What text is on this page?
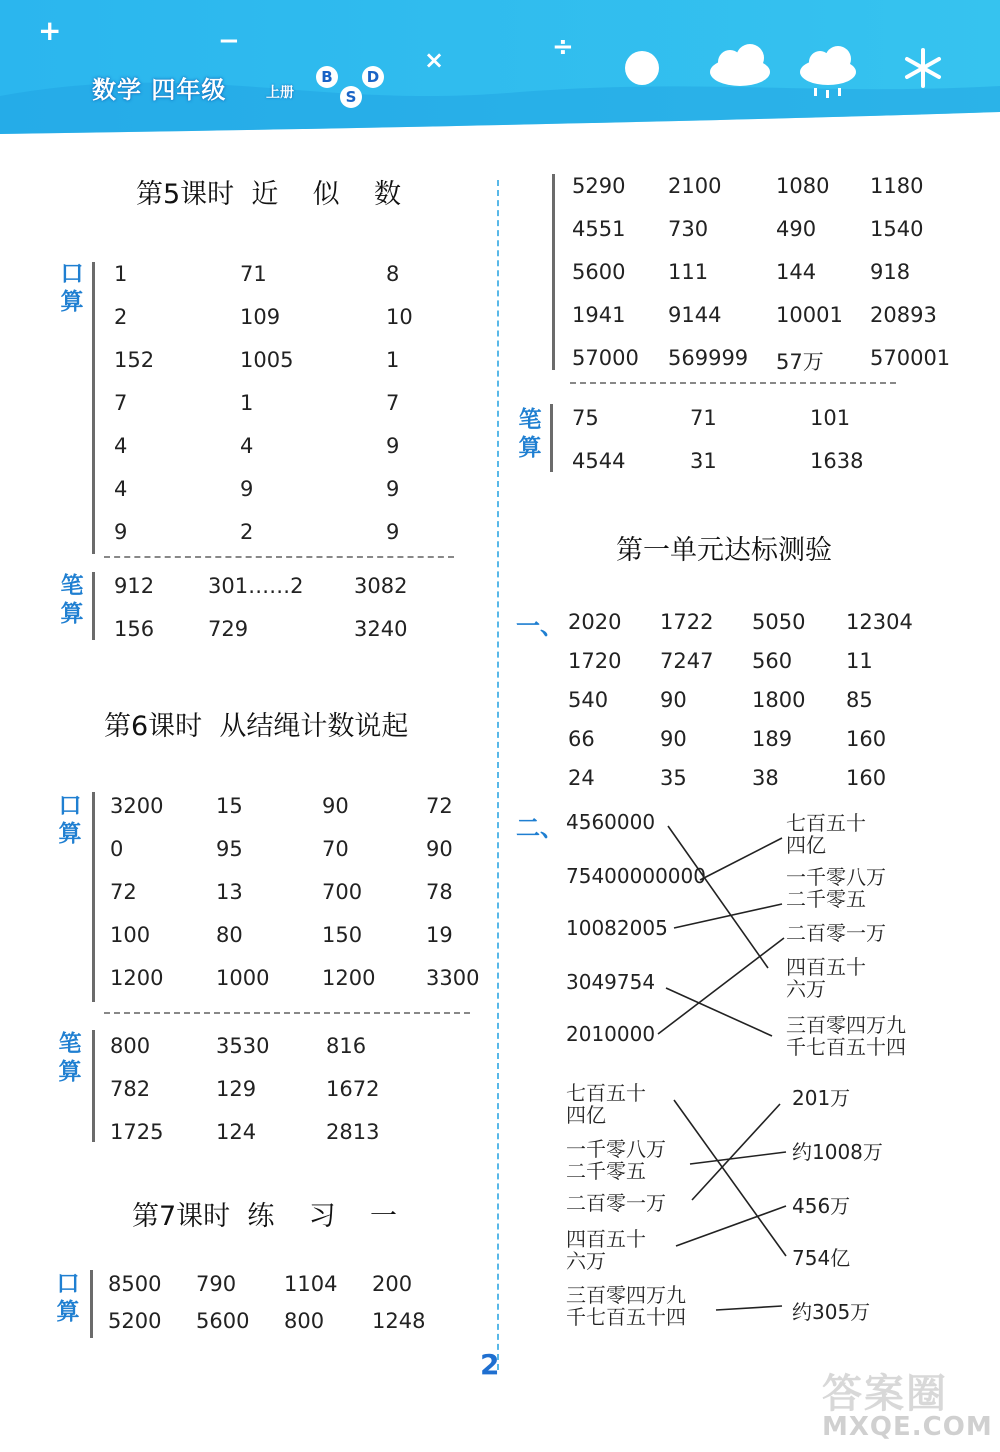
+	−
×	÷
数学 四年级	上册
B
S
D
第5课时  近    似    数
口
算
1	71	8
2	109	10
152	1005	1
7	1	7
4	4	9
4	9	9
9	2	9
笔
算
912	301……2 3082
156	729	3240
第6课时  从结绳计数说起
口
算
3200	15	90	72
0	95	70	90
72	13	700	78
100	80	150	19
1200	1000	1200 3300
笔
算
800	3530	816
782	129	1672
1725	124	2813
第7课时  练    习    一
口
算
8500 790 1104 200
5200 5600 800 1248
5290 2100	1080 1180
4551 730	490	1540
5600 111	144	918
1941 9144	10001 20893
57000 569999 57万 570001
笔
算
75	71	101
4544	31	1638
第一单元达标测验
一、 2020 1722 5050 12304
1720 7247 560	11
540 90	1800 85
66	90	189	160
24	35	38	160
二、 4560000
75400000000
10082005
3049754
2010000
七百五十
四亿
一千零八万
二千零五
二百零一万
四百五十
六万
三百零四万九
千七百五十四
七百五十
四亿
一千零八万
二千零五
二百零一万
四百五十
六万
三百零四万九
千七百五十四
201万
约1008万
456万
754亿
约305万
2
答案圈
MXQE.COM
